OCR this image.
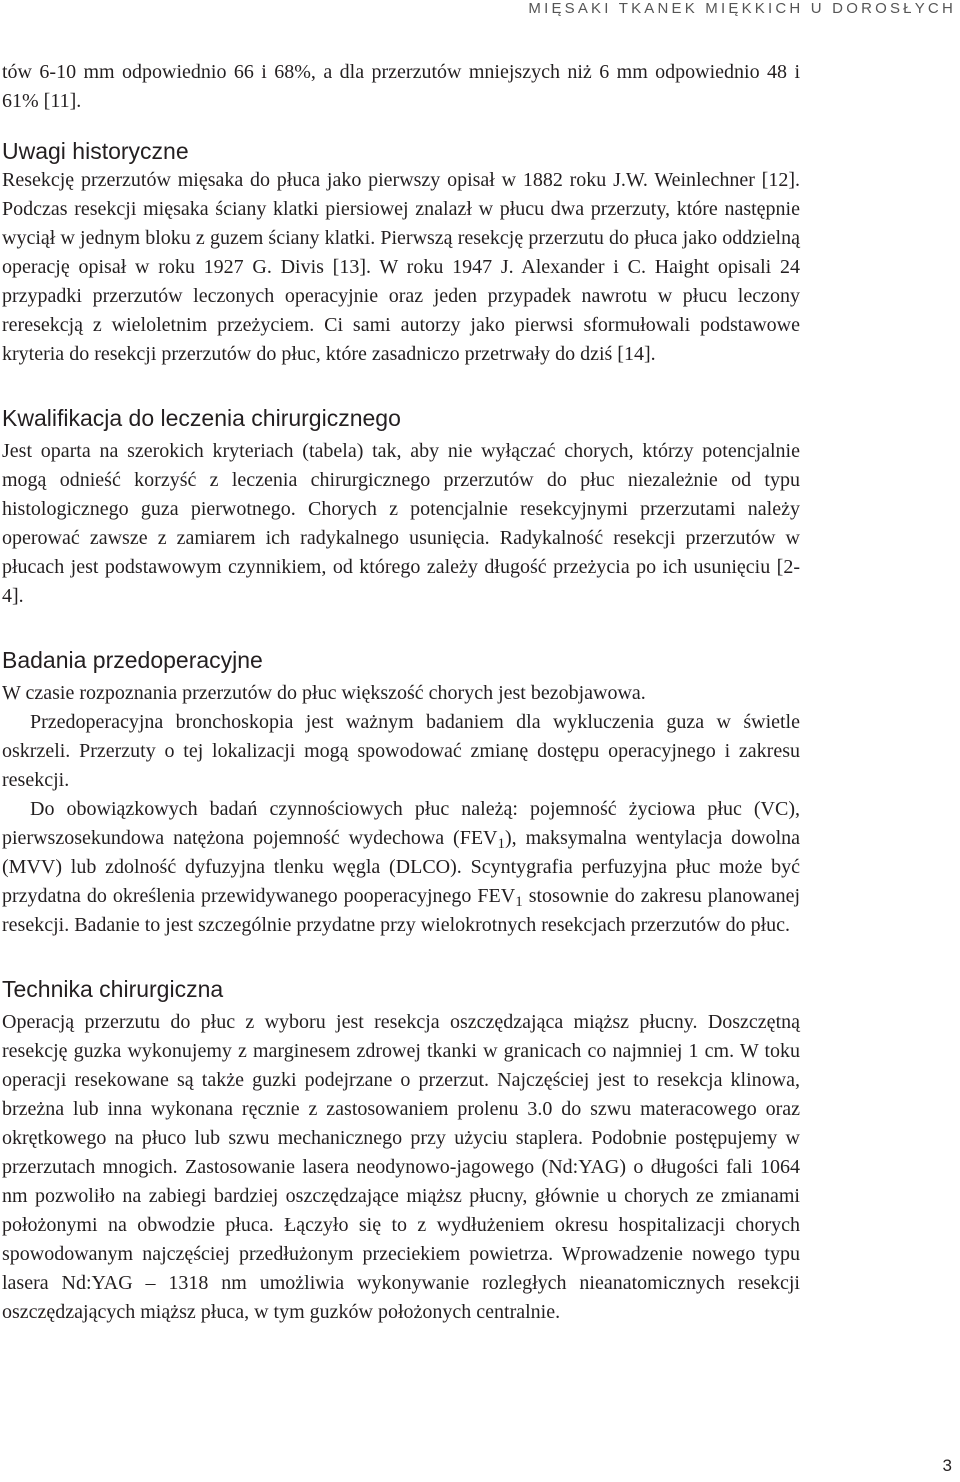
MIĘSAKI TKANEK MIĘKKICH U DOROSŁYCH

tów 6-10 mm odpowiednio 66 i 68%, a dla przerzutów mniejszych niż 6 mm odpowiednio 48 i 61% [11].

Uwagi historyczne

Resekcję przerzutów mięsaka do płuca jako pierwszy opisał w 1882 roku J.W. Weinlechner [12]. Podczas resekcji mięsaka ściany klatki piersiowej znalazł w płucu dwa przerzuty, które następnie wyciął w jednym bloku z guzem ściany klatki. Pierwszą resekcję przerzutu do płuca jako oddzielną operację opisał w roku 1927 G. Divis [13]. W roku 1947 J. Alexander i C. Haight opisali 24 przypadki przerzutów leczonych operacyjnie oraz jeden przypadek nawrotu w płucu leczony reresekcją z wieloletnim przeżyciem. Ci sami autorzy jako pierwsi sformułowali podstawowe kryteria do resekcji przerzutów do płuc, które zasadniczo przetrwały do dziś [14].

Kwalifikacja do leczenia chirurgicznego

Jest oparta na szerokich kryteriach (tabela) tak, aby nie wyłączać chorych, którzy potencjalnie mogą odnieść korzyść z leczenia chirurgicznego przerzutów do płuc niezależnie od typu histologicznego guza pierwotnego. Chorych z potencjalnie resekcyjnymi przerzutami należy operować zawsze z zamiarem ich radykalnego usunięcia. Radykalność resekcji przerzutów w płucach jest podstawowym czynnikiem, od którego zależy długość przeżycia po ich usunięciu [2-4].

Badania przedoperacyjne

W czasie rozpoznania przerzutów do płuc większość chorych jest bezobjawowa.

Przedoperacyjna bronchoskopia jest ważnym badaniem dla wykluczenia guza w świetle oskrzeli. Przerzuty o tej lokalizacji mogą spowodować zmianę dostępu operacyjnego i zakresu resekcji.

Do obowiązkowych badań czynnościowych płuc należą: pojemność życiowa płuc (VC), pierwszosekundowa natężona pojemność wydechowa $(FEV_1)$, maksymalna wentylacja dowolna (MVV) lub zdolność dyfuzyjna tlenku węgla (DLCO). Scyntygrafia perfuzyjna płuc może być przydatna do określenia przewidywanego pooperacyjnego $FEV_1$ stosownie do zakresu planowanej resekcji. Badanie to jest szczególnie przydatne przy wielokrotnych resekcjach przerzutów do płuc.

Technika chirurgiczna

Operacją przerzutu do płuc z wyboru jest resekcja oszczędzająca miąższ płucny. Doszczętną resekcję guzka wykonujemy z marginesem zdrowej tkanki w granicach co najmniej 1 cm. W toku operacji resekowane są także guzki podejrzane o przerzut. Najczęściej jest to resekcja klinowa, brzeżna lub inna wykonana ręcznie z zastosowaniem prolenu 3.0 do szwu materacowego oraz okrętkowego na płuco lub szwu mechanicznego przy użyciu staplera. Podobnie postępujemy w przerzutach mnogich. Zastosowanie lasera neodynowo-jagowego (Nd:YAG) o długości fali 1064 nm pozwoliło na zabiegi bardziej oszczędzające miąższ płucny, głównie u chorych ze zmianami położonymi na obwodzie płuca. Łączyło się to z wydłużeniem okresu hospitalizacji chorych spowodowanym najczęściej przedłużonym przeciekiem powietrza. Wprowadzenie nowego typu lasera Nd:YAG – 1318 nm umożliwia wykonywanie rozległych nieanatomicznych resekcji oszczędzających miąższ płuca, w tym guzków położonych centralnie.

3
